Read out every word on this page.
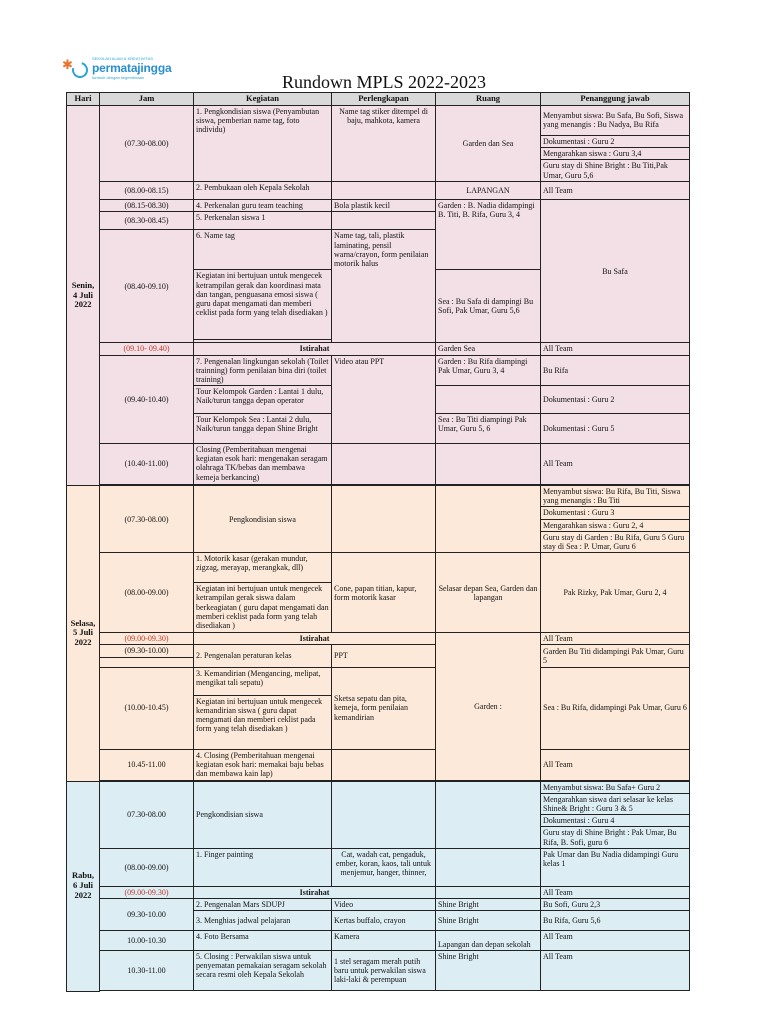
✱	SEKOLAH ALAM & KREATIVITAS
permatajingga
tumbuh dengan kegembiraan	Rundown MPLS 2022-2023
Hari	Jam	Kegiatan	Perlengkapan	Ruang	Penanggung jawab
Senin, 4 Juli 2022	(07.30-08.00)	1. Pengkondisian siswa (Penyambutan siswa, pemberian name tag, foto individu)	Name tag stiker ditempel di baju, mahkota, kamera	Garden dan Sea	Menyambut siswa: Bu Safa, Bu Sofi, Siswa yang menangis : Bu Nadya, Bu Rifa
					Dokumentasi : Guru 2
					Mengarahkan siswa : Guru 3,4
					Guru stay di Shine Bright : Bu Titi,Pak Umar, Guru 5,6
	(08.00-08.15)	2. Pembukaan oleh Kepala Sekolah		LAPANGAN	All Team
	(08.15-08.30)	4. Perkenalan guru team teaching	Bola plastik kecil	Garden : B. Nadia didampingi B. Titi, B. Rifa, Guru 3, 4	Bu Safa
	(08.30-08.45)	5. Perkenalan siswa 1			
	(08.40-09.10)	6. Name tag	Name tag, tali, plastik laminating, pensil warna/crayon, form penilaian motorik halus		
		Kegiatan ini bertujuan untuk mengecek ketrampilan gerak dan koordinasi mata dan tangan, penguasana emosi siswa ( guru dapat mengamati dan memberi ceklist pada form yang telah disediakan )		Sea : Bu Safa di dampingi Bu Sofi, Pak Umar, Guru 5,6	

	(09.10- 09.40)	Istirahat		Garden Sea	All Team
	(09.40-10.40)	7. Pengenalan lingkungan sekolah (Toilet trainning) form penilaian bina diri (toilet training)	Video atau PPT	Garden : Bu Rifa diampingi Pak Umar, Guru 3, 4	Bu Rifa
		Tour Kelompok Garden : Lantai 1 dulu, Naik/turun tangga depan operator			Dokumentasi : Guru 2
		Tour Kelompok Sea : Lantai 2 dulu, Naik/turun tangga depan Shine Bright		Sea : Bu Titi diampingi Pak Umar, Guru 5, 6	Dokumentasi : Guru 5
	(10.40-11.00)	Closing (Pemberitahuan mengenai kegiatan esok hari: mengenakan seragam olahraga TK/bebas dan membawa kemeja berkancing)			All Team

Selasa, 5 Juli 2022	(07.30-08.00)	Pengkondisian siswa			Menyambut siswa: Bu Rifa, Bu Titi, Siswa yang menangis : Bu Titi
					Dokumentasi : Guru 3
					Mengarahkan siswa : Guru 2, 4
					Guru stay di Garden : Bu Rifa, Guru 5 Guru stay di Sea : P. Umar, Guru 6
	(08.00-09.00)	1. Motorik kasar (gerakan mundur, zigzag, merayap, merangkak, dll)	Cone, papan titian, kapur, form motorik kasar	Selasar depan Sea, Garden dan lapangan	Pak Rizky, Pak Umar, Guru 2, 4
		Kegiatan ini bertujuan untuk mengecek ketrampilan gerak siswa dalam berkeagiatan ( guru dapat mengamati dan memberi ceklist pada form yang telah disediakan )			
	(09.00-09.30)	Istirahat		Garden :	All Team
	(09.30-10.00)	2. Pengenalan peraturan kelas	PPT		Garden Bu Titi didampingi Pak Umar, Guru 5

	(10.00-10.45)	3. Kemandirian (Mengancing, melipat, mengikat tali sepatu)	Sketsa sepatu dan pita, kemeja, form penilaian kemandirian		Sea : Bu Rifa, didampingi Pak Umar, Guru 6
		Kegiatan ini bertujuan untuk mengecek kemandirian siswa ( guru dapat mengamati dan memberi ceklist pada form yang telah disediakan )			
	10.45-11.00	4. Closing (Pemberitahuan mengenai kegiatan esok hari: memakai baju bebas dan membawa kain lap)			All Team

Rabu, 6 Juli 2022	07.30-08.00	Pengkondisian siswa			Menyambut siswa: Bu Safa+ Guru 2
					Mengarahkan siswa dari selasar ke kelas Shine& Bright : Guru 3 & 5
					Dokumentasi : Guru 4
					Guru stay di Shine Bright : Pak Umar, Bu Rifa, B. Sofi, guru 6
	(08.00-09.00)	1. Finger painting	Cat, wadah cat, pengaduk, ember, koran, kaos, tali untuk menjemur, hanger, thinner,		Pak Umar dan Bu Nadia didampingi Guru kelas 1
	(09.00-09.30)	Istirahat			All Team
	09.30-10.00	2. Pengenalan Mars SDUPJ	Video	Shine Bright	Bu Sofi, Guru 2,3
		3. Menghias jadwal pelajaran	Kertas buffalo, crayon	Shine Bright	Bu Rifa, Guru 5,6
	10.00-10.30	4. Foto Bersama	Kamera	Lapangan dan depan sekolah	All Team
	10.30-11.00	5. Closing : Perwakilan siswa untuk penyematan pemakaian seragam sekolah secara resmi oleh Kepala Sekolah	1 stel seragam merah putih baru untuk perwakilan siswa laki-laki & perempuan	Shine Bright	All Team
